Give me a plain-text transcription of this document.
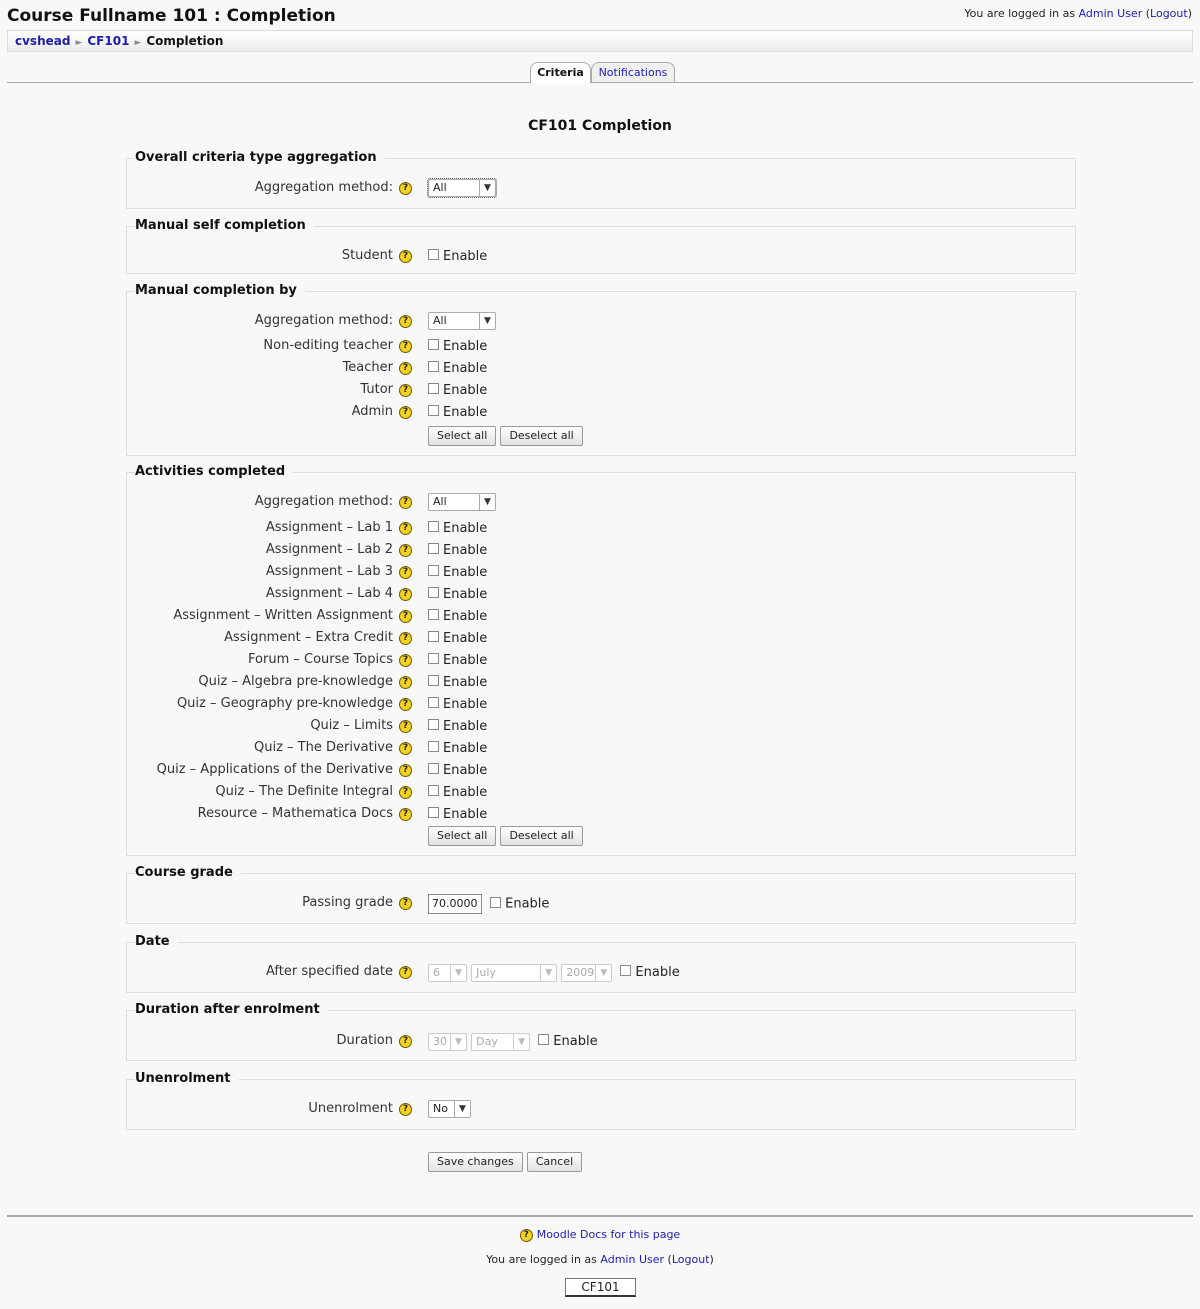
Course Fullname 101 : Completion	You are logged in as Admin User (Logout)
cvshead ► CF101 ► Completion
Criteria	Notifications
CF101 Completion
Overall criteria type aggregation
Aggregation method:	?	All	▼
Manual self completion
Student	?	Enable
Manual completion by
Aggregation method:	?	All	▼
Non-editing teacher	?	Enable
Teacher	?	Enable
Tutor	?	Enable
Admin	?	Enable
Select all Deselect all
Activities completed
Aggregation method:	?	All	▼
Assignment – Lab 1	?	Enable
Assignment – Lab 2	?	Enable
Assignment – Lab 3	?	Enable
Assignment – Lab 4	?	Enable
Assignment – Written Assignment	?	Enable
Assignment – Extra Credit	?	Enable
Forum – Course Topics	?	Enable
Quiz – Algebra pre-knowledge	?	Enable
Quiz – Geography pre-knowledge	?	Enable
Quiz – Limits	?	Enable
Quiz – The Derivative	?	Enable
Quiz – Applications of the Derivative	?	Enable
Quiz – The Definite Integral	?	Enable
Resource – Mathematica Docs	?	Enable
Select all Deselect all
Course grade
Passing grade	?	70.0000 Enable
Date
After specified date	?	6	▼	July	▼	2009 ▼	Enable
Duration after enrolment
Duration	?	30 ▼	Day	▼	Enable
Unenrolment
Unenrolment	?	No	▼
Save changes Cancel
? Moodle Docs for this page
You are logged in as Admin User (Logout)
CF101
